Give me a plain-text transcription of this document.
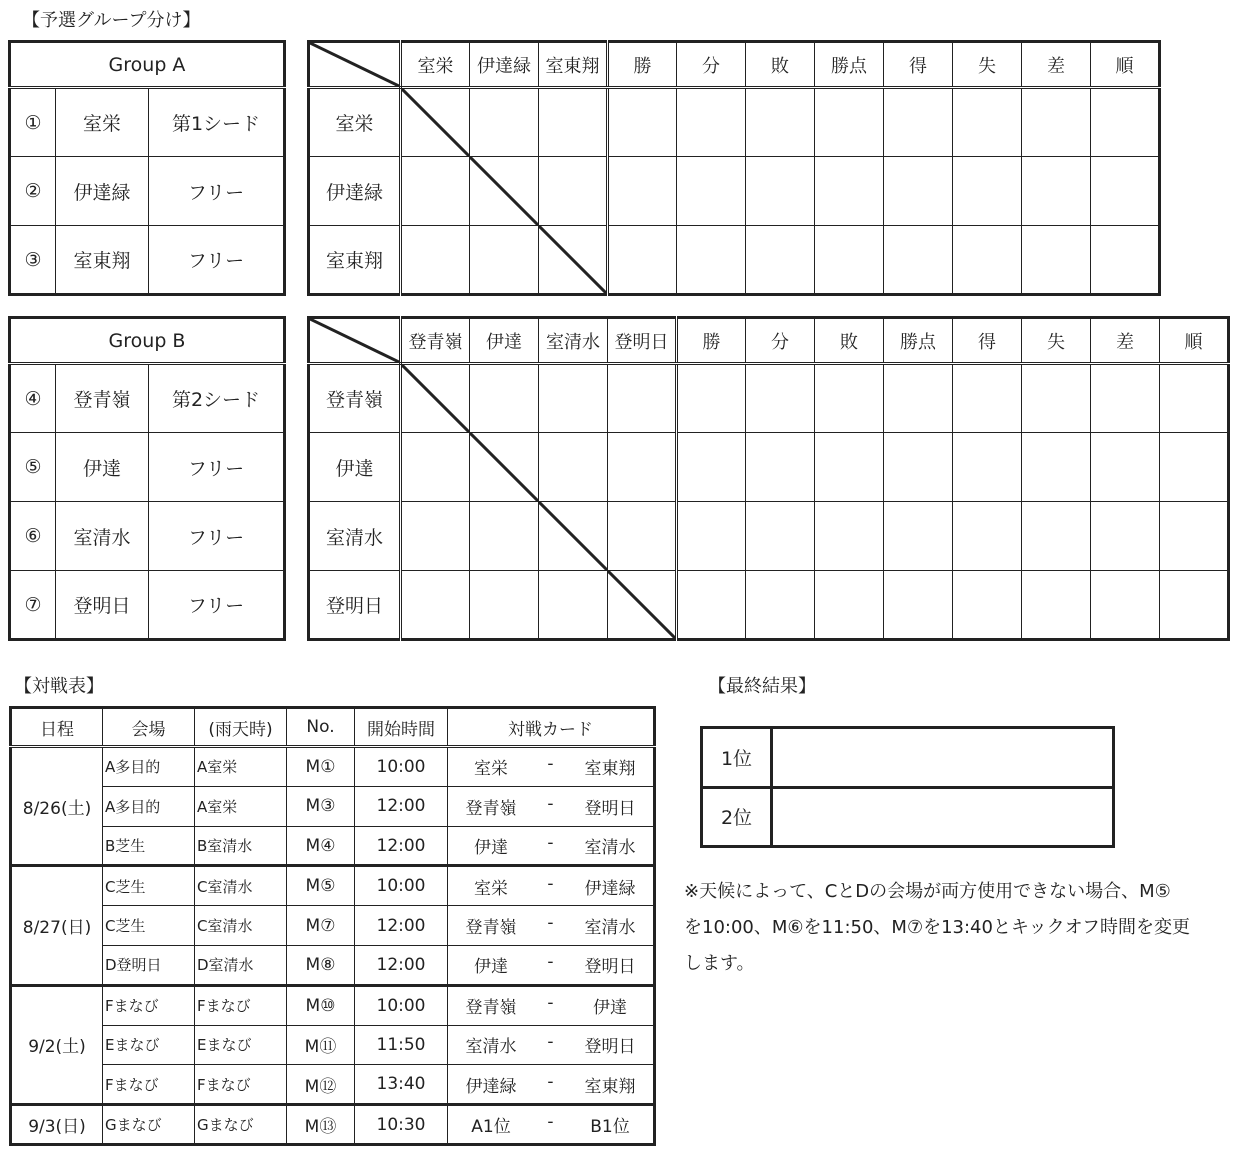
【予選グループ分け】
Group A		
①	室栄	第1シード
②	伊達緑	フリー
③	室東翔	フリー
	室栄	伊達緑	室東翔	勝	分	敗	勝点	得	失	差	順
室栄	

伊達緑		

室東翔			

Group B		
④	登青嶺	第2シード
⑤	伊達	フリー
⑥	室清水	フリー
⑦	登明日	フリー
	登青嶺	伊達	室清水	登明日	勝	分	敗	勝点	得	失	差	順
登青嶺	

伊達		

室清水			

登明日				

【対戦表】
日程	会場	(雨天時)	No.	開始時間	対戦カード
8/26(土)	A多目的	A室栄	M①	10:00	室栄 - 室東翔

	A多目的	A室栄	M③	12:00	登青嶺 - 登明日

	B芝生	B室清水	M④	12:00	伊達 - 室清水

8/27(日)	C芝生	C室清水	M⑤	10:00	室栄 - 伊達緑

	C芝生	C室清水	M⑦	12:00	登青嶺 - 室清水

	D登明日	D室清水	M⑧	12:00	伊達 - 登明日

9/2(土)	Fまなび	Fまなび	M⑩	10:00	登青嶺 - 伊達

	Eまなび	Eまなび	M⑪	11:50	室清水 - 登明日

	Fまなび	Fまなび	M⑫	13:40	伊達緑 - 室東翔

9/3(日)	Gまなび	Gまなび	M⑬	10:30	A1位 - B1位
【最終結果】
1位	
2位	
※天候によって、CとDの会場が両方使用できない場合、M⑤
を10:00、M⑥を11:50、M⑦を13:40とキックオフ時間を変更
します。
